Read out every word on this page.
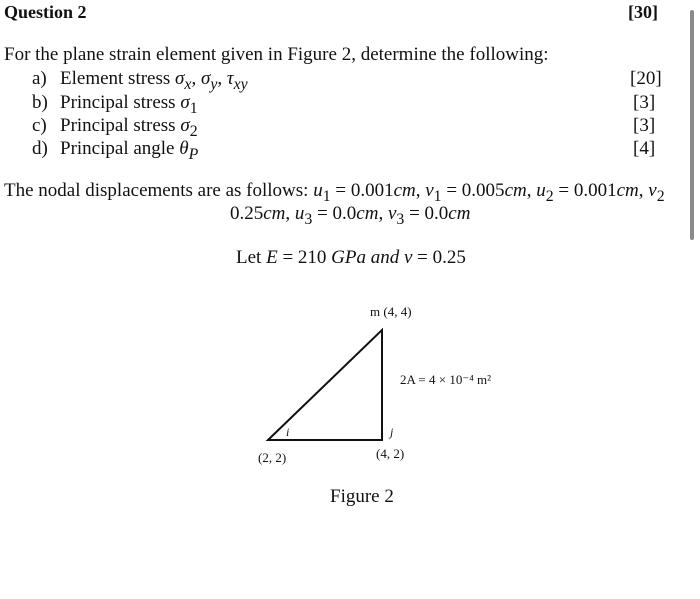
Question 2	[30]
For the plane strain element given in Figure 2, determine the following:
a) Element stress $\sigma_x$, $\sigma_y$, $\tau_{xy}$	[20]
b) Principal stress $\sigma_1$	[3]
c) Principal stress $\sigma_2$	[3]
d) Principal angle $\theta_P$	[4]
The nodal displacements are as follows: $u_1 = 0.001cm$, $v_1 = 0.005cm$, $u_2 = 0.001cm$, $v_2$
0.25cm, $u_3 = 0.0cm$, $v_3 = 0.0cm$
Let E = 210 GPa and v = 0.25
m (4, 4)
i	j
(2, 2)	(4, 2)
2A = 4 × 10⁻⁴ m²
Figure 2
